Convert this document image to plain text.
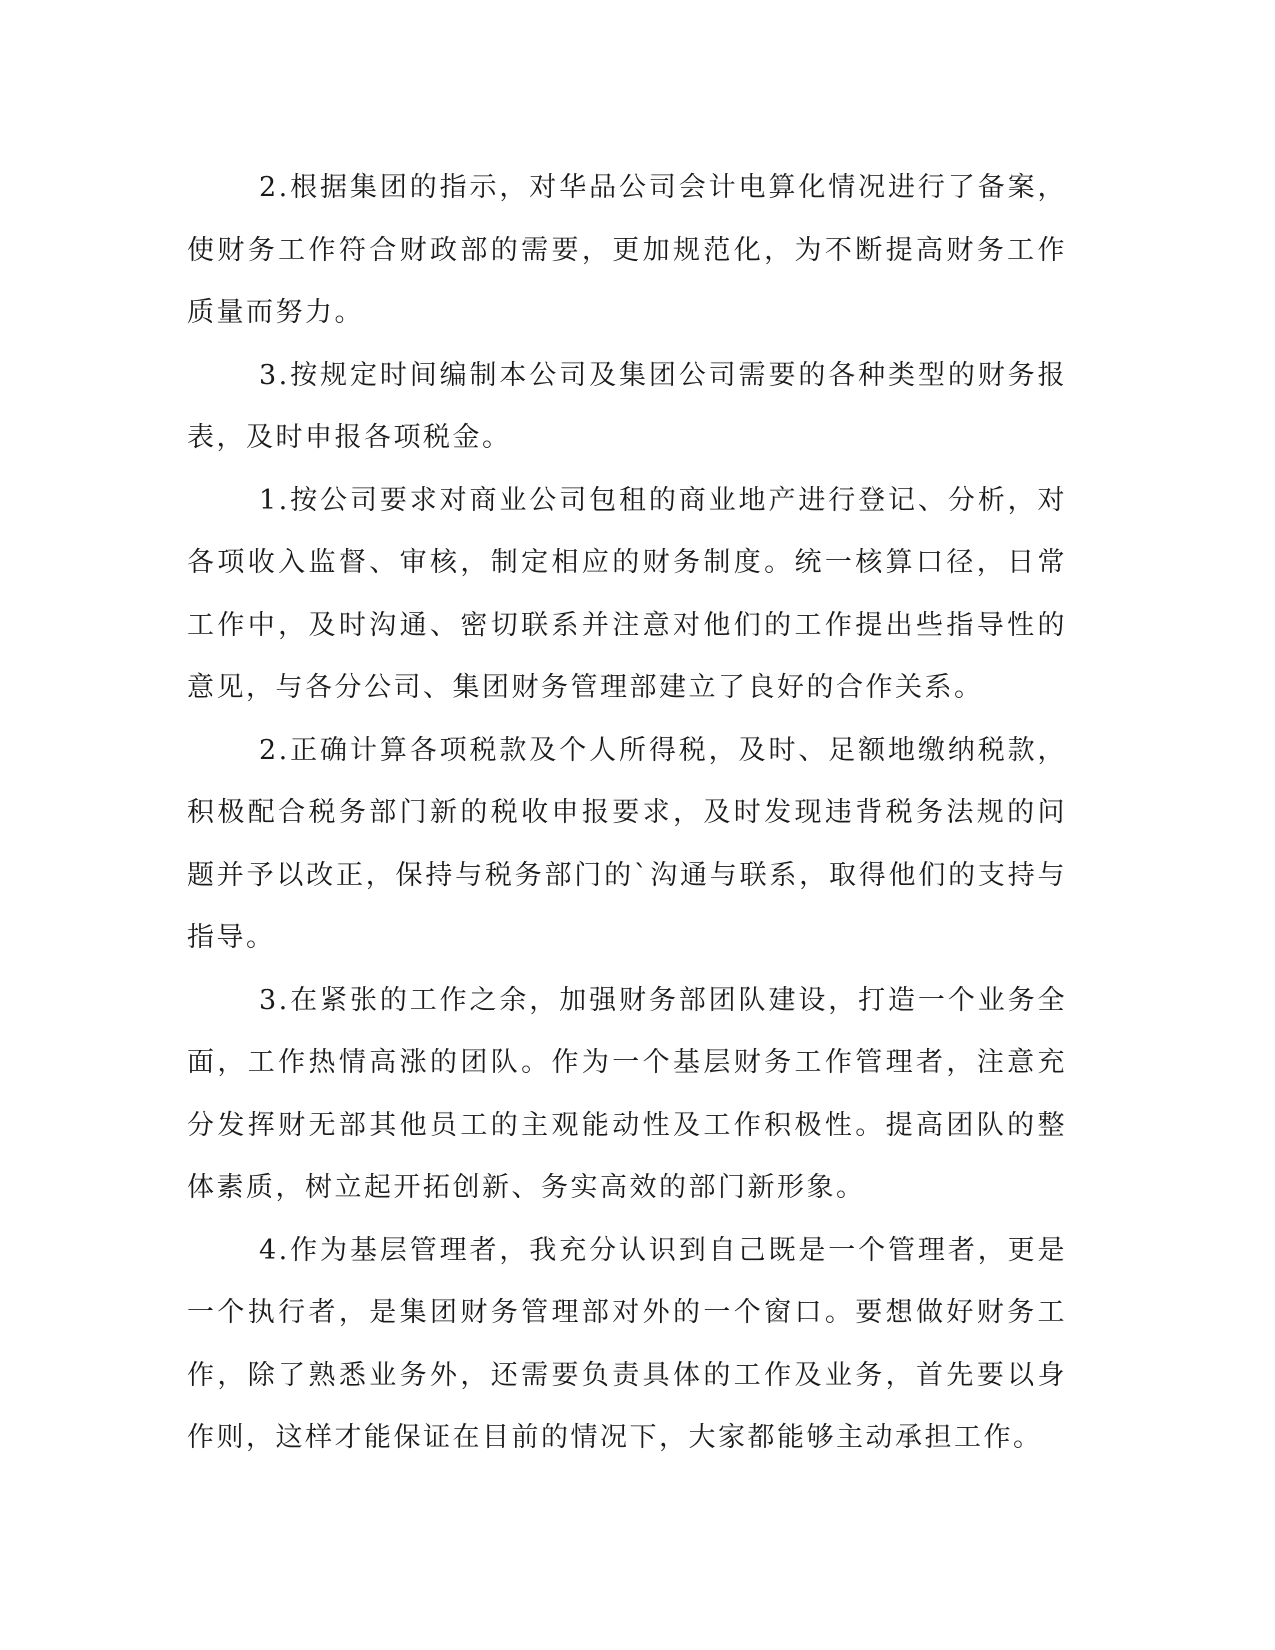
2.根据集团的指示，对华品公司会计电算化情况进行了备案，使财务工作符合财政部的需要，更加规范化，为不断提高财务工作质量而努力。

3.按规定时间编制本公司及集团公司需要的各种类型的财务报表，及时申报各项税金。

1.按公司要求对商业公司包租的商业地产进行登记、分析，对各项收入监督、审核，制定相应的财务制度。统一核算口径，日常工作中，及时沟通、密切联系并注意对他们的工作提出些指导性的意见，与各分公司、集团财务管理部建立了良好的合作关系。

2.正确计算各项税款及个人所得税，及时、足额地缴纳税款，积极配合税务部门新的税收申报要求，及时发现违背税务法规的问题并予以改正，保持与税务部门的`沟通与联系，取得他们的支持与指导。

3.在紧张的工作之余，加强财务部团队建设，打造一个业务全面，工作热情高涨的团队。作为一个基层财务工作管理者，注意充分发挥财无部其他员工的主观能动性及工作积极性。提高团队的整体素质，树立起开拓创新、务实高效的部门新形象。

4.作为基层管理者，我充分认识到自己既是一个管理者，更是一个执行者，是集团财务管理部对外的一个窗口。要想做好财务工作，除了熟悉业务外，还需要负责具体的工作及业务，首先要以身作则，这样才能保证在目前的情况下，大家都能够主动承担工作。
